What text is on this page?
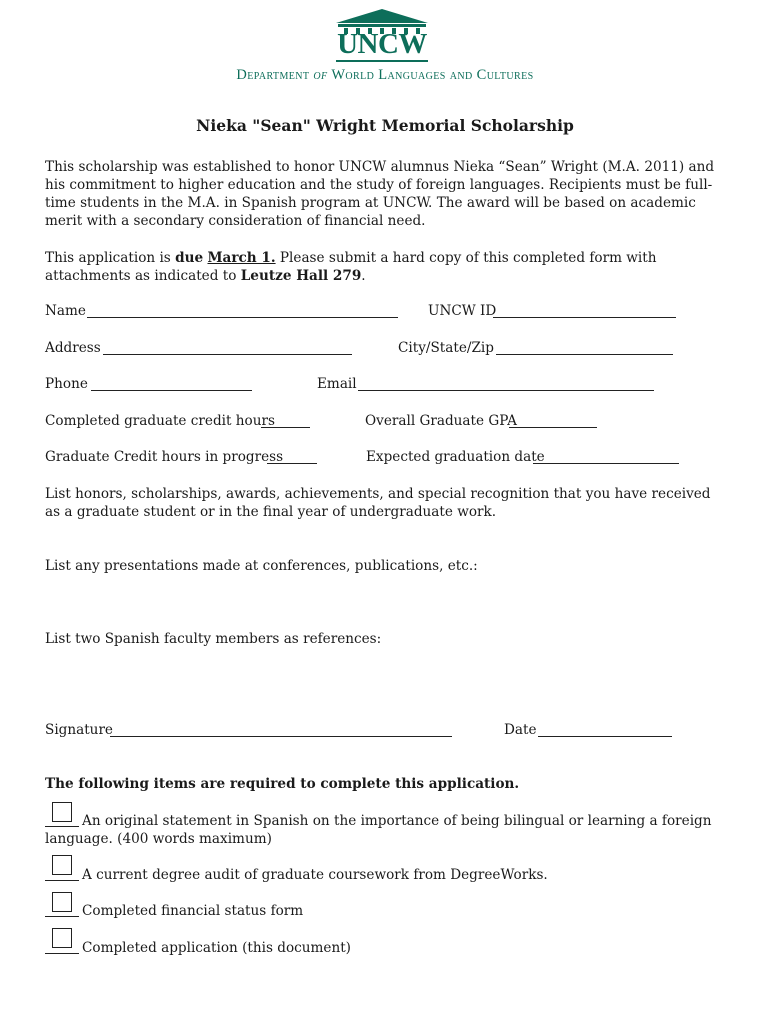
UNCW
Department of World Languages and Cultures
Nieka "Sean" Wright Memorial Scholarship
This scholarship was established to honor UNCW alumnus Nieka “Sean” Wright (M.A. 2011) and his commitment to higher education and the study of foreign languages. Recipients must be full-time students in the M.A. in Spanish program at UNCW. The award will be based on academic merit with a secondary consideration of financial need.
This application is due March 1. Please submit a hard copy of this completed form with attachments as indicated to Leutze Hall 279.
Name	UNCW ID
Address	City/State/Zip
Phone	Email
Completed graduate credit hours	Overall Graduate GPA
Graduate Credit hours in progress	Expected graduation date
List honors, scholarships, awards, achievements, and special recognition that you have received as a graduate student or in the final year of undergraduate work.
List any presentations made at conferences, publications, etc.:
List two Spanish faculty members as references:
Signature	Date
The following items are required to complete this application.
An original statement in Spanish on the importance of being bilingual or learning a foreign
language. (400 words maximum)
A current degree audit of graduate coursework from DegreeWorks.
Completed financial status form
Completed application (this document)
